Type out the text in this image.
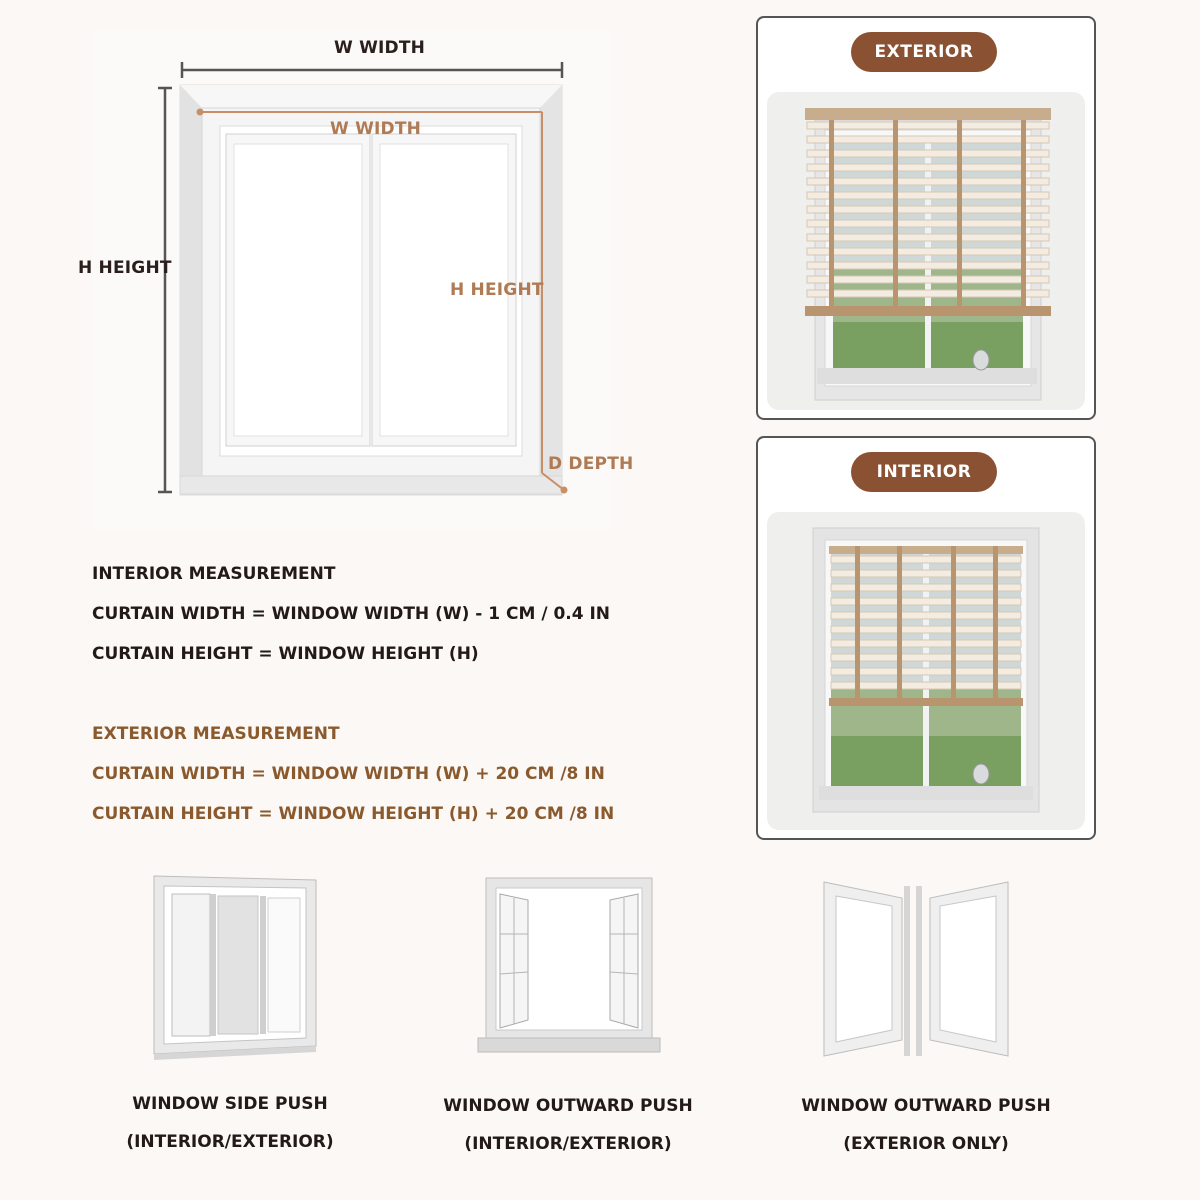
W WIDTH
W WIDTH
H HEIGHT
H HEIGHT
D DEPTH
INTERIOR MEASUREMENT
CURTAIN WIDTH = WINDOW WIDTH (W) - 1 CM / 0.4 IN
CURTAIN HEIGHT = WINDOW HEIGHT (H)
EXTERIOR MEASUREMENT
CURTAIN WIDTH = WINDOW WIDTH (W) + 20 CM /8 IN
CURTAIN HEIGHT = WINDOW HEIGHT (H) + 20 CM /8 IN
EXTERIOR
INTERIOR
WINDOW SIDE PUSH
(INTERIOR/EXTERIOR)
WINDOW OUTWARD PUSH
(INTERIOR/EXTERIOR)
WINDOW OUTWARD PUSH
(EXTERIOR ONLY)
